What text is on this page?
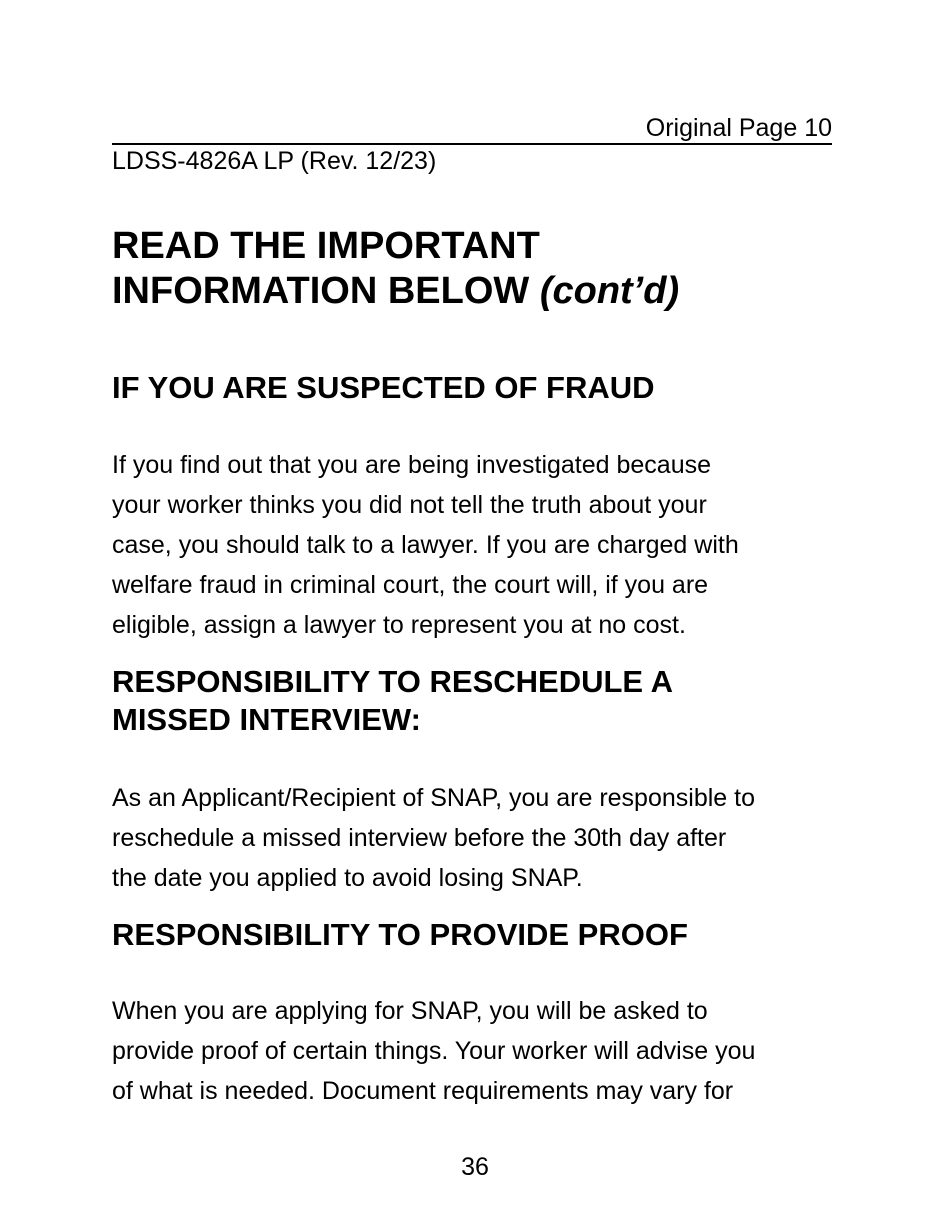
Original Page 10
LDSS-4826A LP (Rev. 12/23)
READ THE IMPORTANT
INFORMATION BELOW (cont’d)
IF YOU ARE SUSPECTED OF FRAUD
If you find out that you are being investigated because
your worker thinks you did not tell the truth about your
case, you should talk to a lawyer. If you are charged with
welfare fraud in criminal court, the court will, if you are
eligible, assign a lawyer to represent you at no cost.
RESPONSIBILITY TO RESCHEDULE A
MISSED INTERVIEW:
As an Applicant/Recipient of SNAP, you are responsible to
reschedule a missed interview before the 30th day after
the date you applied to avoid losing SNAP.
RESPONSIBILITY TO PROVIDE PROOF
When you are applying for SNAP, you will be asked to
provide proof of certain things. Your worker will advise you
of what is needed. Document requirements may vary for
36
